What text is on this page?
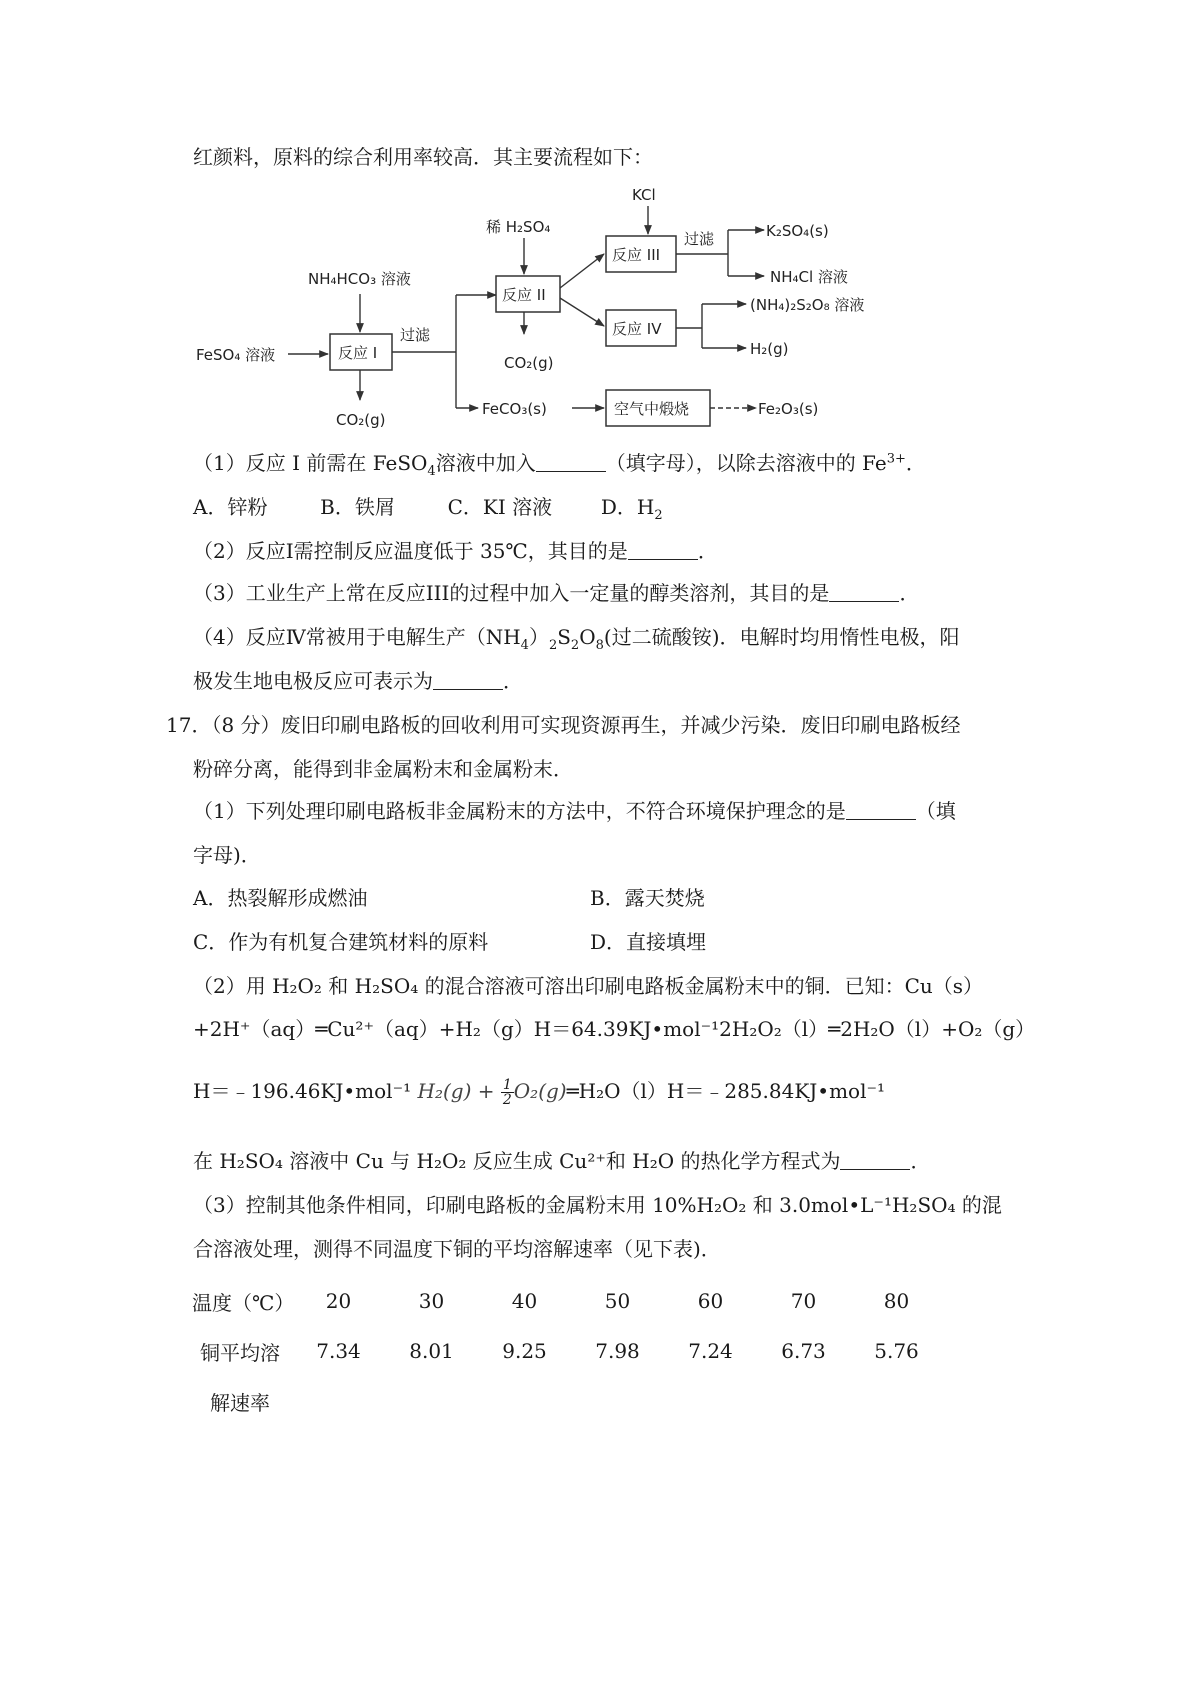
红颜料，原料的综合利用率较高．其主要流程如下：
FeSO₄ 溶液
NH₄HCO₃ 溶液
反应 I
CO₂(g)
过滤
稀 H₂SO₄
反应 II
CO₂(g)
KCl
反应 III
过滤	K₂SO₄(s)
NH₄Cl 溶液
反应 IV
(NH₄)₂S₂O₈ 溶液
H₂(g)
FeCO₃(s)	空气中煅烧	Fe₂O₃(s)
（1）反应 I 前需在 FeSO$_4$溶液中加入	（填字母），以除去溶液中的 $Fe^{3+}$．
A．锌粉	B．铁屑	C．KI 溶液 D．$H_2$
（2）反应Ⅰ需控制反应温度低于 35℃，其目的是	．
（3）工业生产上常在反应III的过程中加入一定量的醇类溶剂，其目的是	．
（4）反应Ⅳ常被用于电解生产$(NH_4)_2S_2O_8$(过二硫酸铵)．电解时均用惰性电极，阳
极发生地电极反应可表示为	．
17．（8 分）废旧印刷电路板的回收利用可实现资源再生，并减少污染．废旧印刷电路板经
粉碎分离，能得到非金属粉末和金属粉末．
（1）下列处理印刷电路板非金属粉末的方法中，不符合环境保护理念的是	（填
字母)．
A．热裂解形成燃油	B．露天焚烧
C．作为有机复合建筑材料的原料	D．直接填埋
（2）用 H₂O₂ 和 H₂SO₄ 的混合溶液可溶出印刷电路板金属粉末中的铜．已知：Cu（s）
+2H⁺（aq）═Cu²⁺（aq）+H₂（g）H＝64.39KJ•mol⁻¹2H₂O₂（l）═2H₂O（l）+O₂（g）
H＝﹣196.46KJ•mol⁻¹ $H_2(g) + \frac{1}{2}$ O₂(g)═H₂O（l）H＝﹣285.84KJ•mol⁻¹
在 H₂SO₄ 溶液中 Cu 与 H₂O₂ 反应生成 Cu²⁺和 H₂O 的热化学方程式为	．
（3）控制其他条件相同，印刷电路板的金属粉末用 10%H₂O₂ 和 3.0mol•L⁻¹H₂SO₄ 的混
合溶液处理，测得不同温度下铜的平均溶解速率（见下表)．
温度（℃）	20	30	40	50	60	70	80
铜平均溶	7.34	8.01	9.25	7.98	7.24	6.73	5.76
解速率							
